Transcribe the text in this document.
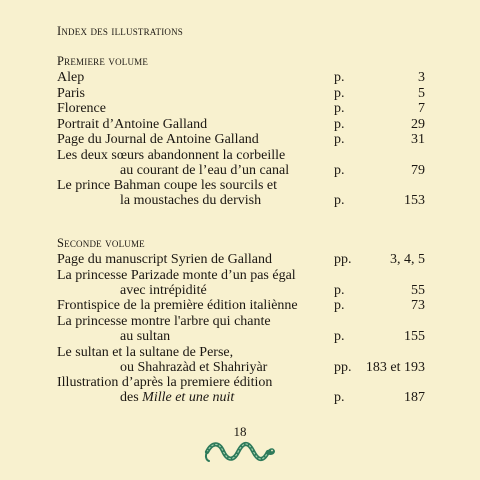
Index des illustrations
Premiere volume
Seconde volume
Alep	p.	3
Paris	p.	5
Florence	p.	7
Portrait d’Antoine Galland	p.	29
Page du Journal de Antoine Galland	p.	31
Les deux sœurs abandonnent la corbeille
au courant de l’eau d’un canal	p.	79
Le prince Bahman coupe les sourcils et
la moustaches du dervish	p.	153
Page du manuscript Syrien de Galland	pp.	3, 4, 5
La princesse Parizade monte d’un pas égal
avec intrépidité	p.	55
Frontispice de la première édition italiènne	p.	73
La princesse montre l'arbre qui chante
au sultan	p.	155
Le sultan et la sultane de Perse,
ou Shahrazàd et Shahriyàr	pp. 183 et 193
Illustration d’après la premiere édition
des Mille et une nuit	p.	187
18
